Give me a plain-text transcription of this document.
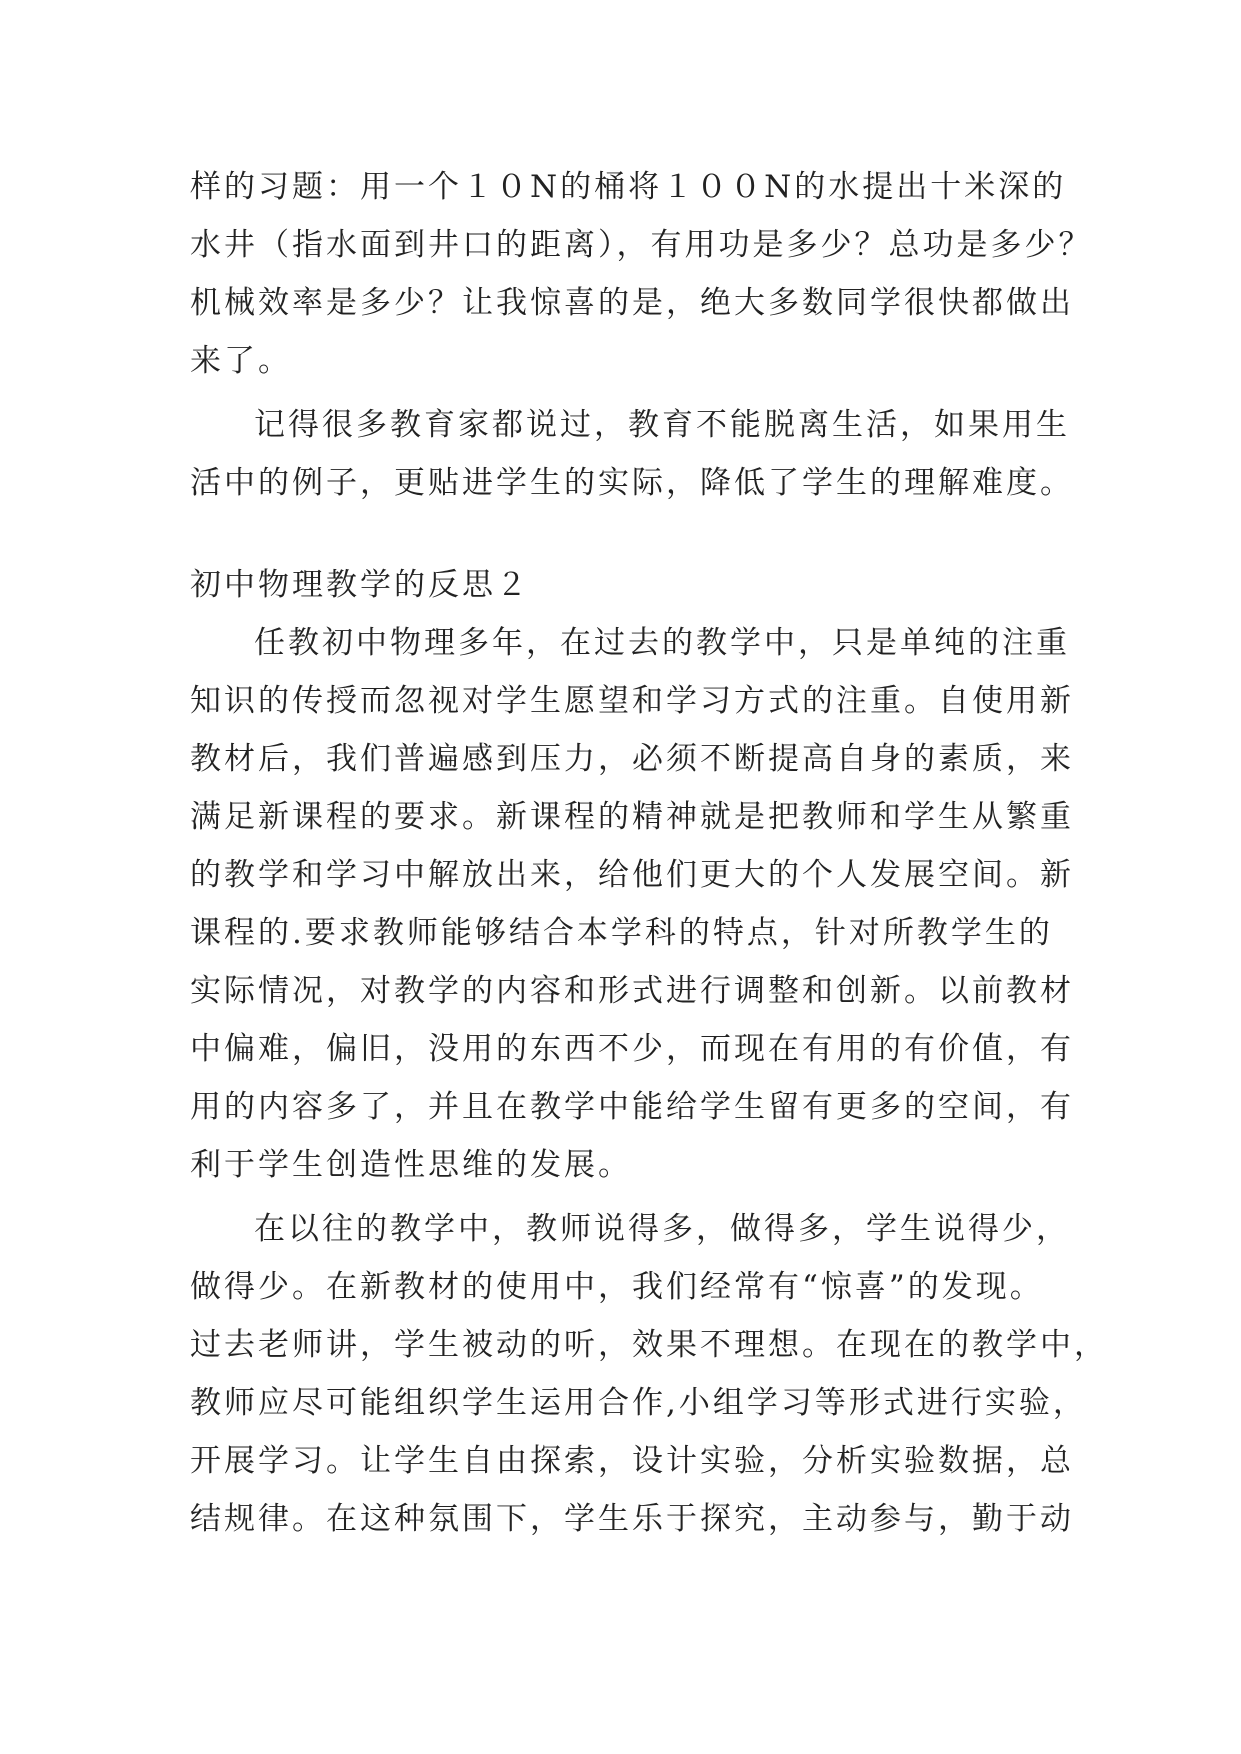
样的习题：用一个１０N的桶将１００N的水提出十米深的
水井（指水面到井口的距离），有用功是多少？总功是多少？
机械效率是多少？让我惊喜的是，绝大多数同学很快都做出
来了。

记得很多教育家都说过，教育不能脱离生活，如果用生
活中的例子，更贴进学生的实际，降低了学生的理解难度。

初中物理教学的反思２

任教初中物理多年，在过去的教学中，只是单纯的注重
知识的传授而忽视对学生愿望和学习方式的注重。自使用新
教材后，我们普遍感到压力，必须不断提高自身的素质，来
满足新课程的要求。新课程的精神就是把教师和学生从繁重
的教学和学习中解放出来，给他们更大的个人发展空间。新
课程的.要求教师能够结合本学科的特点，针对所教学生的
实际情况，对教学的内容和形式进行调整和创新。以前教材
中偏难，偏旧，没用的东西不少，而现在有用的有价值，有
用的内容多了，并且在教学中能给学生留有更多的空间，有
利于学生创造性思维的发展。

在以往的教学中，教师说得多，做得多，学生说得少，
做得少。在新教材的使用中，我们经常有“惊喜”的发现。
过去老师讲，学生被动的听，效果不理想。在现在的教学中，
教师应尽可能组织学生运用合作,小组学习等形式进行实验，
开展学习。让学生自由探索，设计实验，分析实验数据，总
结规律。在这种氛围下，学生乐于探究，主动参与，勤于动
